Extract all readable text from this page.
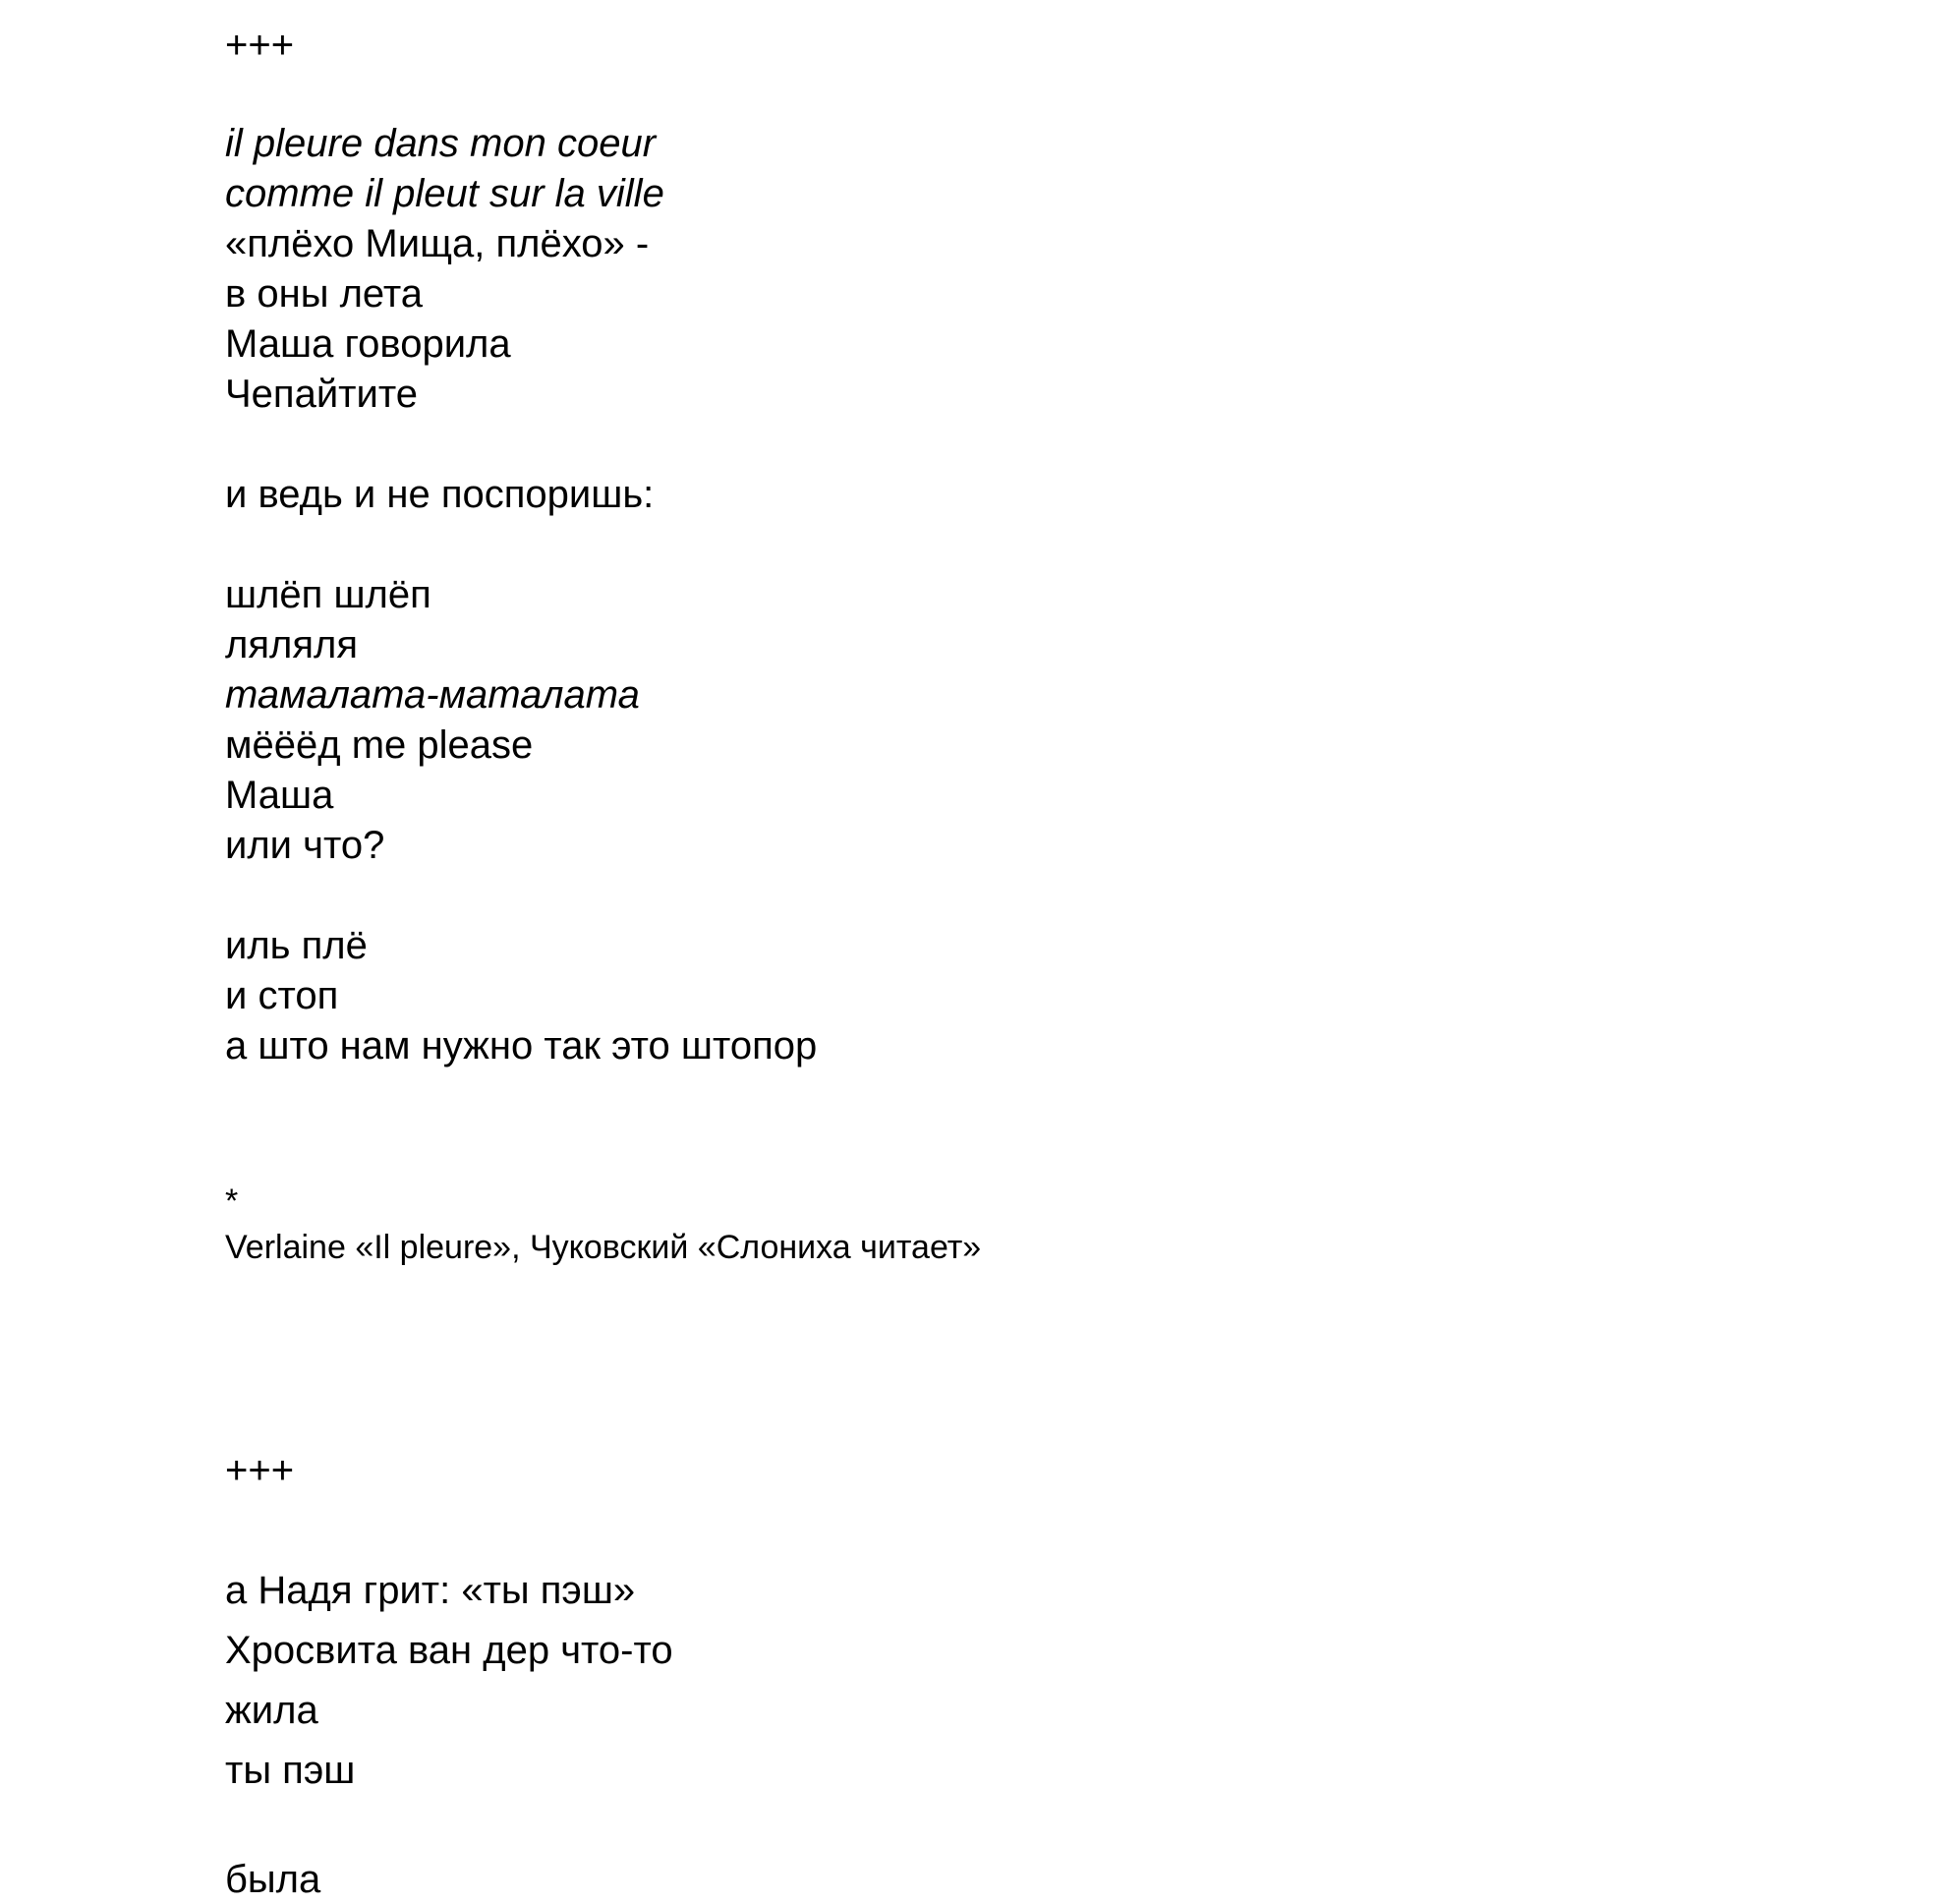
+++
il pleure dans mon coeur
comme il pleut sur la ville
«плёхо Мища, плёхо» -
в оны лета
Маша говорила
Чепайтите
и ведь и не поспоришь:
шлёп шлёп
ляляля
тамалата-маталата
мёёёд me please
Маша
или что?
иль плё
и стоп
а што нам нужно так это штопор
*
Verlaine «Il pleure», Чуковский «Слониха читает»
+++
а Надя грит: «ты пэш»
Хросвита ван дер что-то
жила
ты пэш
была
